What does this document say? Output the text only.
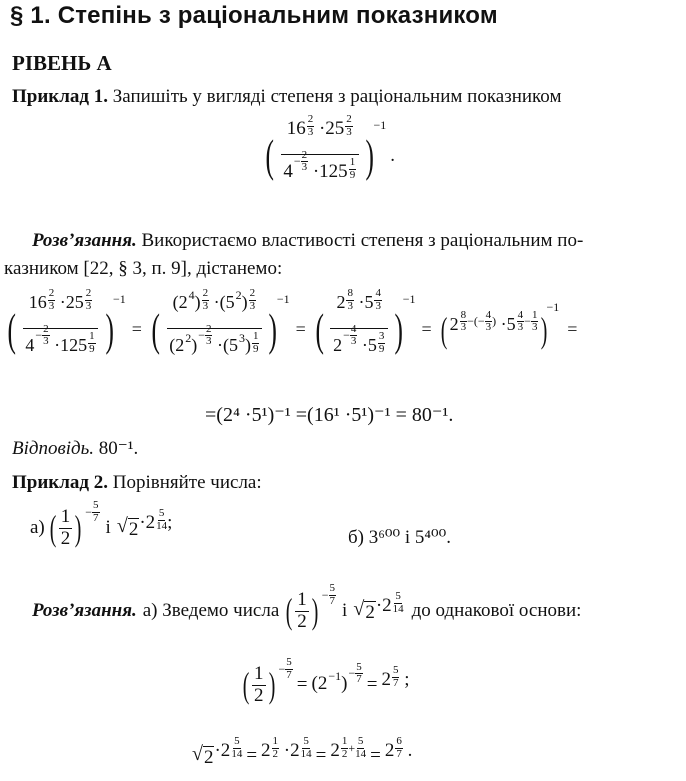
§ 1. Степінь з раціональним показником
РІВЕНЬ А
Приклад 1. Запишіть у вигляді степеня з раціональним показником
( $16 \frac{2}{3} \cdot 25 \frac{2}{3}$
4− 2
$3 \cdot 125 \frac{1}{9}$ )
−1
.
Розв’язання. Використаємо властивості степеня з раціональним по-
казником [22, § 3, п. 9], дістанемо:
( $16 \frac{2}{3} \cdot 25 \frac{2}{3}$
4− 2
$3 \cdot 125 \frac{1}{9}$ )
−1
= ( $(2^4) \frac{2}{3} \cdot(5^2) \frac{2}{3}$
$(2^2)- 2$
$3 \cdot(5^3) \frac{1}{9}$ )
−1
= ( $2 \frac{8}{3} \cdot 5 \frac{4}{3}$
2− 4
$3 \cdot 5 \frac{3}{9}$ )
−1
= ( 2 8
3 −(− 4
3 ) ·5 4
3 − 1
3 )
−1
=
=(2⁴ ·5¹)⁻¹ =(16¹ ·5¹)⁻¹ = 80⁻¹.
Відповідь. 80⁻¹.
Приклад 2. Порівняйте числа:
а) ( $\frac{1}{2}$ ) − 5
7 і √ $2 \cdot 2 \frac{5}{14}$ ;
б) 3⁶⁰⁰ і 5⁴⁰⁰.
Розв’язання. а) Зведемо числа ( $\frac{1}{2}$ ) − 5
7 і √ $2 \cdot 2 \frac{5}{14}$ до однакової основи:
( $\frac{1}{2}$ ) − 5
$7 = (2^{-1})- 5$
$7 = 2 \frac{5}{7}$ ;
√ $2 \cdot 2 \frac{5}{14} = 2 \frac{1}{2} \cdot 2 \frac{5}{14} = 2$ 1
2 + 5
$14 = 2 \frac{6}{7}$ .
